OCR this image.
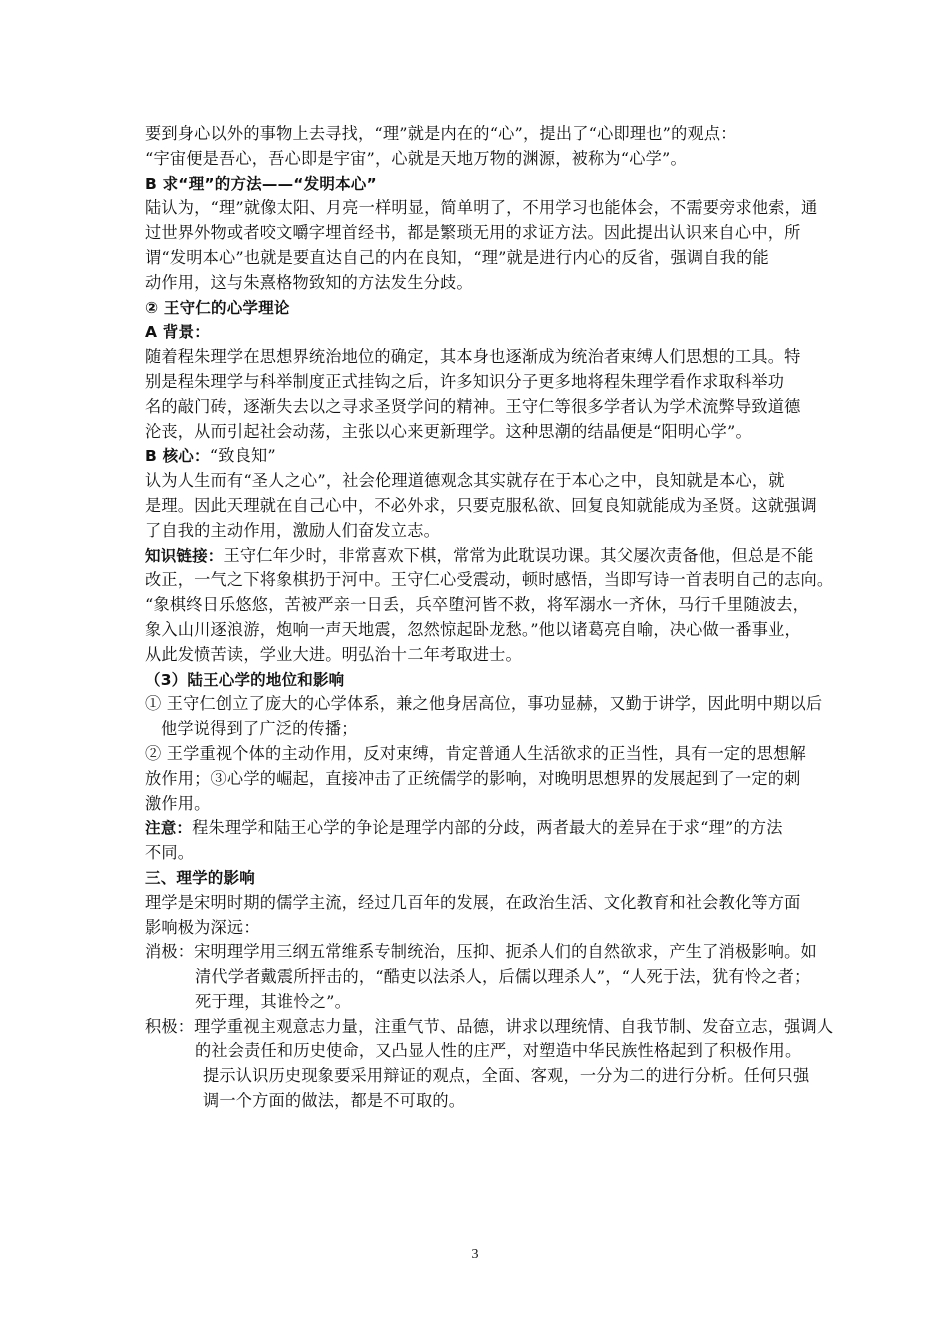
要到身心以外的事物上去寻找，“理”就是内在的“心”，提出了“心即理也”的观点：
“宇宙便是吾心，吾心即是宇宙”，心就是天地万物的渊源，被称为“心学”。
B 求“理”的方法——“发明本心”
陆认为，“理”就像太阳、月亮一样明显，简单明了，不用学习也能体会，不需要旁求他索，通
过世界外物或者咬文嚼字埋首经书，都是繁琐无用的求证方法。因此提出认识来自心中，所
谓“发明本心”也就是要直达自己的内在良知，“理”就是进行内心的反省，强调自我的能
动作用，这与朱熹格物致知的方法发生分歧。
② 王守仁的心学理论
A 背景：
随着程朱理学在思想界统治地位的确定，其本身也逐渐成为统治者束缚人们思想的工具。特
别是程朱理学与科举制度正式挂钩之后，许多知识分子更多地将程朱理学看作求取科举功
名的敲门砖，逐渐失去以之寻求圣贤学问的精神。王守仁等很多学者认为学术流弊导致道德
沦丧，从而引起社会动荡，主张以心来更新理学。这种思潮的结晶便是“阳明心学”。
B 核心：“致良知”
认为人生而有“圣人之心”，社会伦理道德观念其实就存在于本心之中，良知就是本心，就
是理。因此天理就在自己心中，不必外求，只要克服私欲、回复良知就能成为圣贤。这就强调
了自我的主动作用，激励人们奋发立志。
知识链接：王守仁年少时，非常喜欢下棋，常常为此耽误功课。其父屡次责备他，但总是不能
改正，一气之下将象棋扔于河中。王守仁心受震动，顿时感悟，当即写诗一首表明自己的志向。
“象棋终日乐悠悠，苦被严亲一日丢，兵卒堕河皆不救，将军溺水一齐休，马行千里随波去，
象入山川逐浪游，炮响一声天地震，忽然惊起卧龙愁。”他以诸葛亮自喻，决心做一番事业，
从此发愤苦读，学业大进。明弘治十二年考取进士。
（3）陆王心学的地位和影响
① 王守仁创立了庞大的心学体系，兼之他身居高位，事功显赫，又勤于讲学，因此明中期以后
他学说得到了广泛的传播；
② 王学重视个体的主动作用，反对束缚，肯定普通人生活欲求的正当性，具有一定的思想解
放作用；③心学的崛起，直接冲击了正统儒学的影响，对晚明思想界的发展起到了一定的刺
激作用。
注意：程朱理学和陆王心学的争论是理学内部的分歧，两者最大的差异在于求“理”的方法
不同。
三、理学的影响
理学是宋明时期的儒学主流，经过几百年的发展，在政治生活、文化教育和社会教化等方面
影响极为深远：
消极：宋明理学用三纲五常维系专制统治，压抑、扼杀人们的自然欲求，产生了消极影响。如
清代学者戴震所抨击的，“酷吏以法杀人，后儒以理杀人”，“人死于法，犹有怜之者；
死于理，其谁怜之”。
积极：理学重视主观意志力量，注重气节、品德，讲求以理统情、自我节制、发奋立志，强调人
的社会责任和历史使命，又凸显人性的庄严，对塑造中华民族性格起到了积极作用。
提示认识历史现象要采用辩证的观点，全面、客观，一分为二的进行分析。任何只强
调一个方面的做法，都是不可取的。
3
